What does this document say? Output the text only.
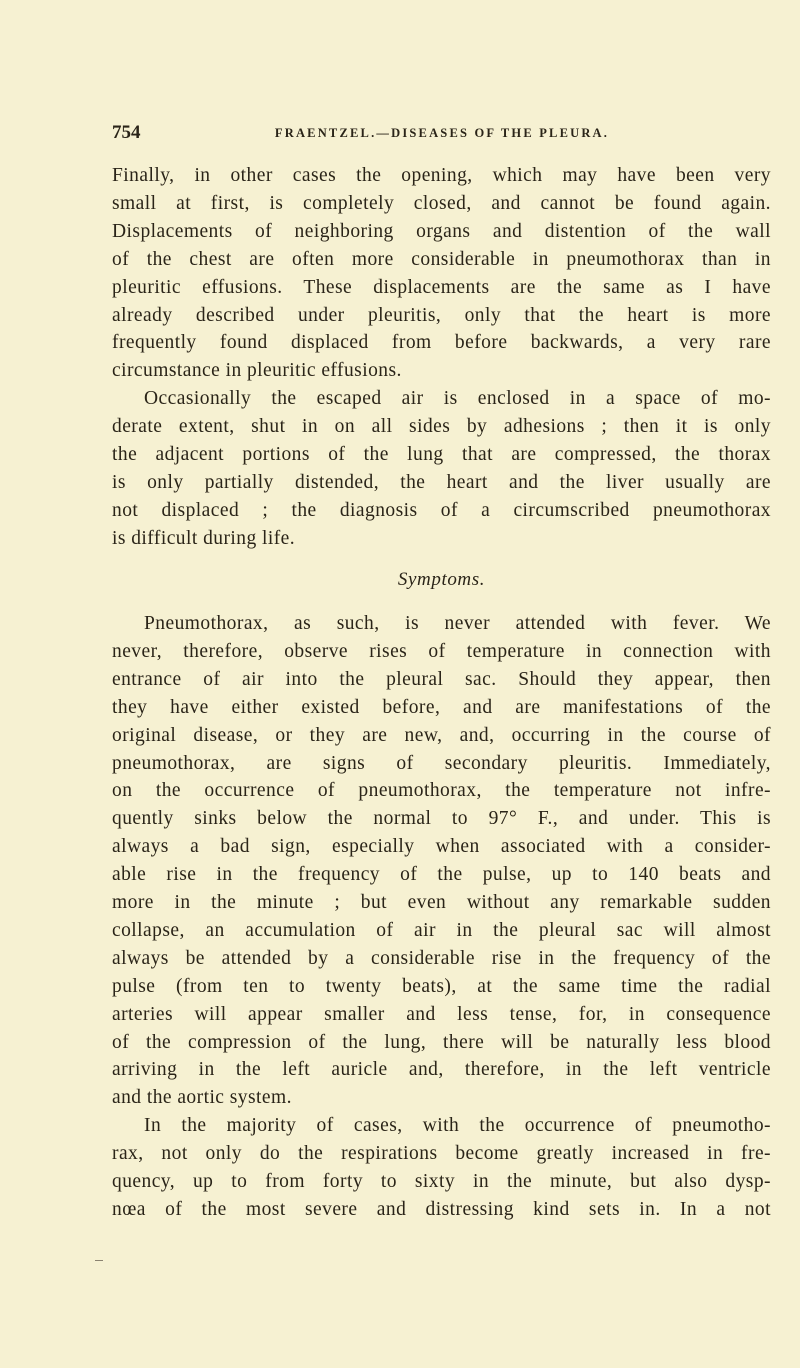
754	FRAENTZEL.—DISEASES OF THE PLEURA.
Symptoms.
Finally, in other cases the opening, which may have been very
small at first, is completely closed, and cannot be found again.
Displacements of neighboring organs and distention of the wall
of the chest are often more considerable in pneumothorax than in
pleuritic effusions. These displacements are the same as I have
already described under pleuritis, only that the heart is more
frequently found displaced from before backwards, a very rare
circumstance in pleuritic effusions.
Occasionally the escaped air is enclosed in a space of mo-
derate extent, shut in on all sides by adhesions ; then it is only
the adjacent portions of the lung that are compressed, the thorax
is only partially distended, the heart and the liver usually are
not displaced ; the diagnosis of a circumscribed pneumothorax
is difficult during life.
Pneumothorax, as such, is never attended with fever. We
never, therefore, observe rises of temperature in connection with
entrance of air into the pleural sac. Should they appear, then
they have either existed before, and are manifestations of the
original disease, or they are new, and, occurring in the course of
pneumothorax, are signs of secondary pleuritis. Immediately,
on the occurrence of pneumothorax, the temperature not infre-
quently sinks below the normal to 97° F., and under. This is
always a bad sign, especially when associated with a consider-
able rise in the frequency of the pulse, up to 140 beats and
more in the minute ; but even without any remarkable sudden
collapse, an accumulation of air in the pleural sac will almost
always be attended by a considerable rise in the frequency of the
pulse (from ten to twenty beats), at the same time the radial
arteries will appear smaller and less tense, for, in consequence
of the compression of the lung, there will be naturally less blood
arriving in the left auricle and, therefore, in the left ventricle
and the aortic system.
In the majority of cases, with the occurrence of pneumotho-
rax, not only do the respirations become greatly increased in fre-
quency, up to from forty to sixty in the minute, but also dysp-
nœa of the most severe and distressing kind sets in. In a not
